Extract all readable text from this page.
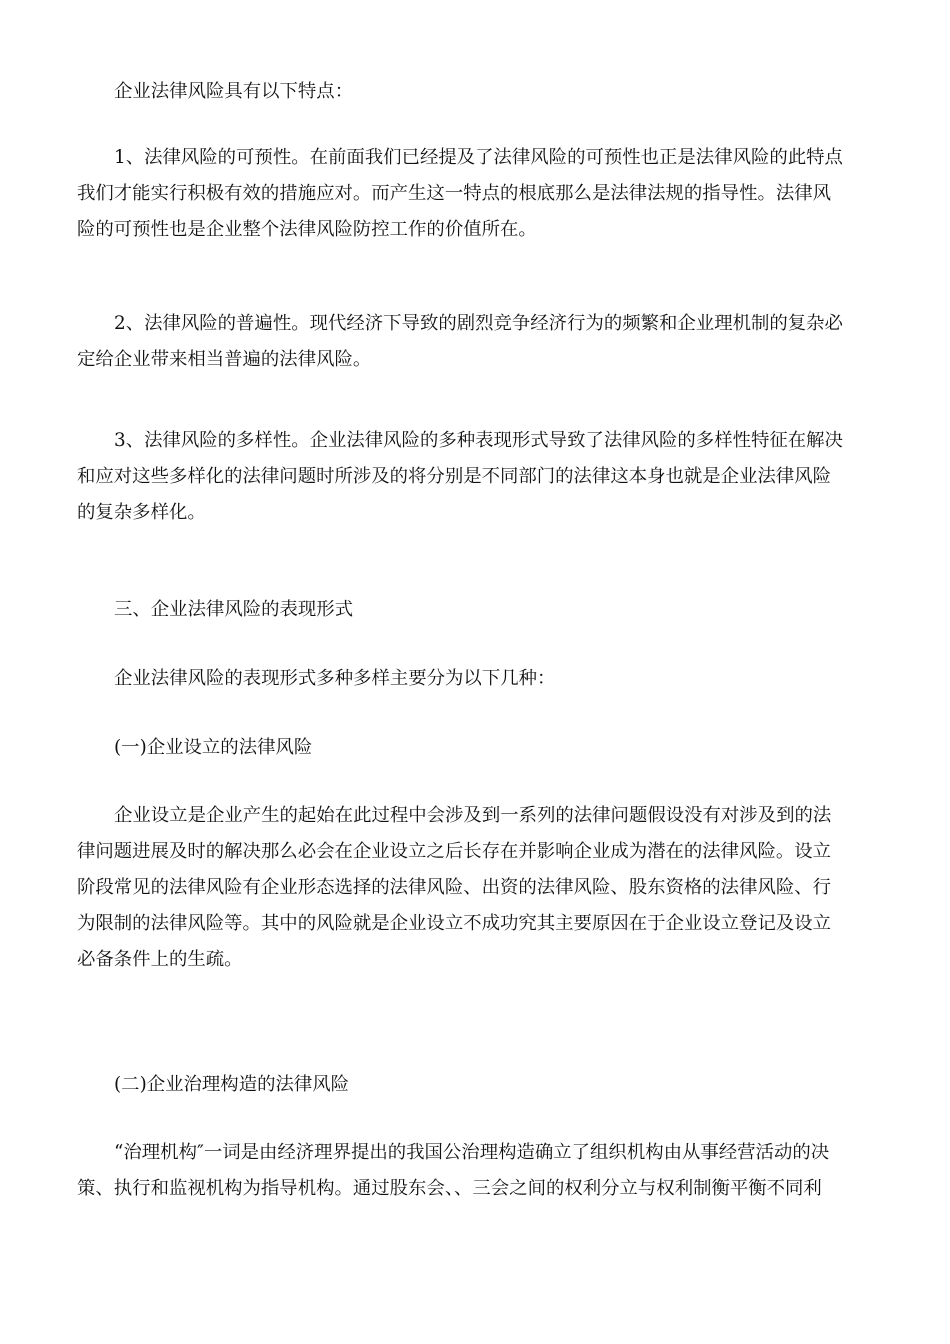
企业法律风险具有以下特点：
1、法律风险的可预性。在前面我们已经提及了法律风险的可预性也正是法律风险的此特点
我们才能实行积极有效的措施应对。而产生这一特点的根底那么是法律法规的指导性。法律风
险的可预性也是企业整个法律风险防控工作的价值所在。
2、法律风险的普遍性。现代经济下导致的剧烈竞争经济行为的频繁和企业理机制的复杂必
定给企业带来相当普遍的法律风险。
3、法律风险的多样性。企业法律风险的多种表现形式导致了法律风险的多样性特征在解决
和应对这些多样化的法律问题时所涉及的将分别是不同部门的法律这本身也就是企业法律风险
的复杂多样化。
三、企业法律风险的表现形式
企业法律风险的表现形式多种多样主要分为以下几种：
(一)企业设立的法律风险
企业设立是企业产生的起始在此过程中会涉及到一系列的法律问题假设没有对涉及到的法
律问题进展及时的解决那么必会在企业设立之后长存在并影响企业成为潜在的法律风险。设立
阶段常见的法律风险有企业形态选择的法律风险、出资的法律风险、股东资格的法律风险、行
为限制的法律风险等。其中的风险就是企业设立不成功究其主要原因在于企业设立登记及设立
必备条件上的生疏。
(二)企业治理构造的法律风险
“治理机构″一词是由经济理界提出的我国公治理构造确立了组织机构由从事经营活动的决
策、执行和监视机构为指导机构。通过股东会、、三会之间的权利分立与权利制衡平衡不同利
